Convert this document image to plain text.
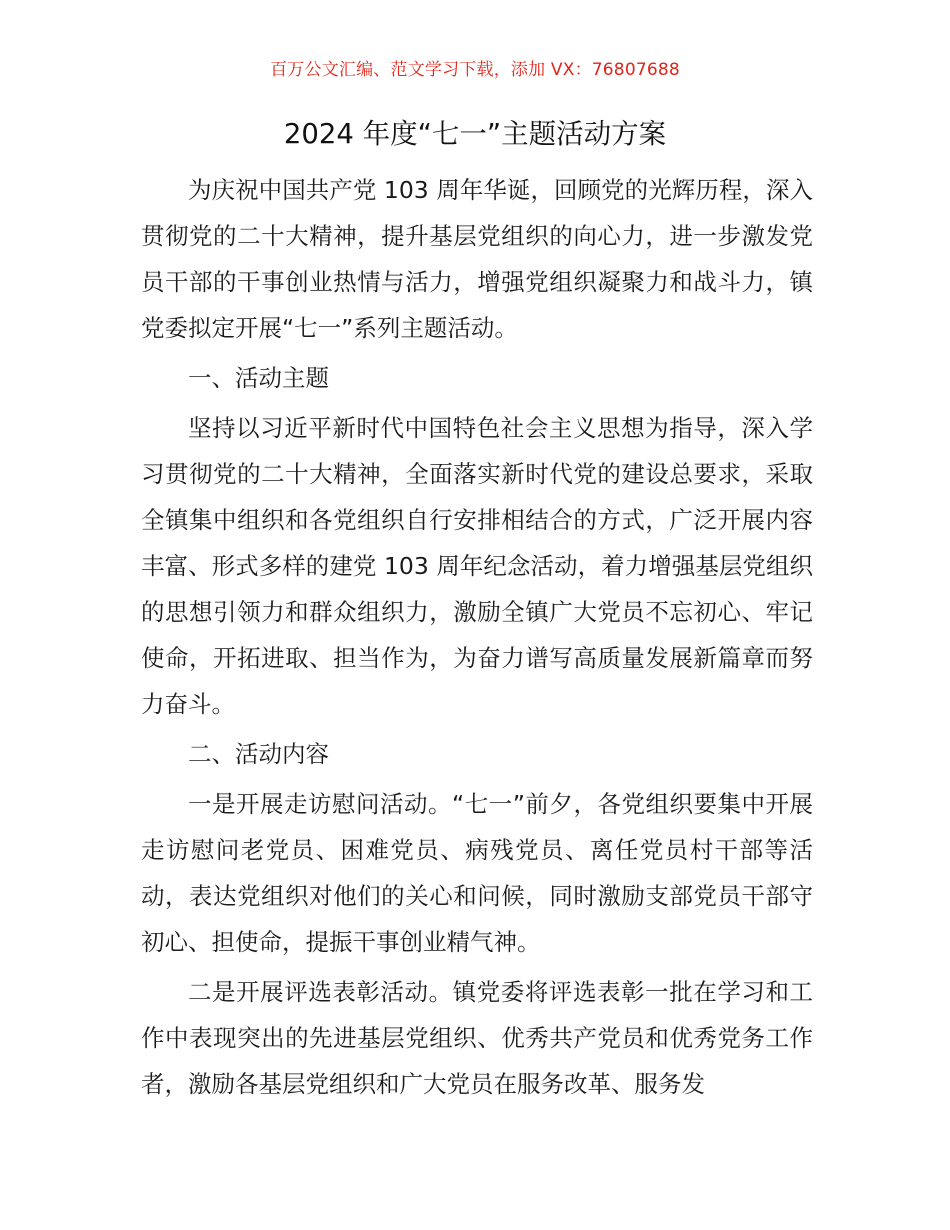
百万公文汇编、范文学习下载，添加 VX：76807688
2024 年度“七一”主题活动方案

为庆祝中国共产党 103 周年华诞，回顾党的光辉历程，深入贯彻党的二十大精神，提升基层党组织的向心力，进一步激发党员干部的干事创业热情与活力，增强党组织凝聚力和战斗力，镇党委拟定开展“七一”系列主题活动。

一、活动主题

坚持以习近平新时代中国特色社会主义思想为指导，深入学习贯彻党的二十大精神，全面落实新时代党的建设总要求，采取全镇集中组织和各党组织自行安排相结合的方式，广泛开展内容丰富、形式多样的建党 103 周年纪念活动，着力增强基层党组织的思想引领力和群众组织力，激励全镇广大党员不忘初心、牢记使命，开拓进取、担当作为，为奋力谱写高质量发展新篇章而努力奋斗。

二、活动内容

一是开展走访慰问活动。“七一”前夕，各党组织要集中开展走访慰问老党员、困难党员、病残党员、离任党员村干部等活动，表达党组织对他们的关心和问候，同时激励支部党员干部守初心、担使命，提振干事创业精气神。

二是开展评选表彰活动。镇党委将评选表彰一批在学习和工作中表现突出的先进基层党组织、优秀共产党员和优秀党务工作者，激励各基层党组织和广大党员在服务改革、服务发
